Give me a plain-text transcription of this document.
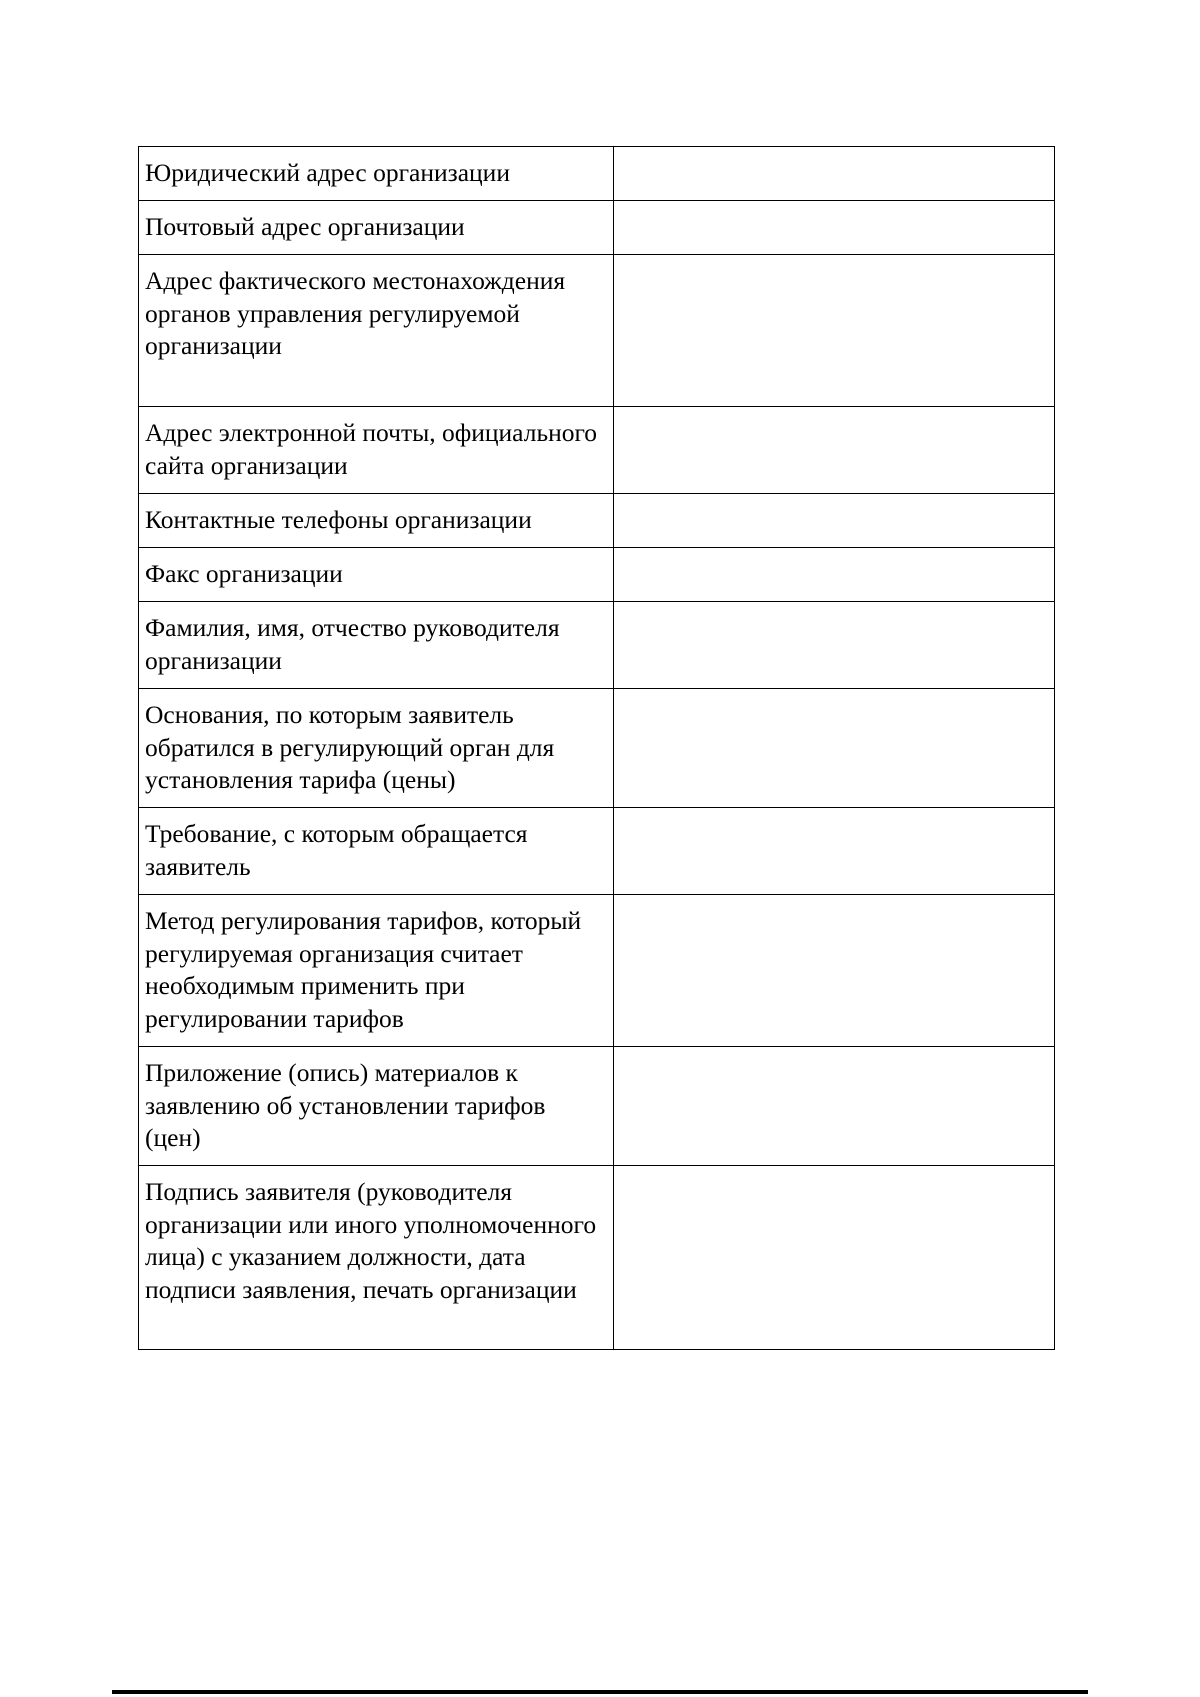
Юридический адрес организации	
Почтовый адрес организации	
Адрес фактического местонахождения органов управления регулируемой организации	
Адрес электронной почты, официального сайта организации	
Контактные телефоны организации	
Факс организации	
Фамилия, имя, отчество руководителя организации	
Основания, по которым заявитель обратился в регулирующий орган для установления тарифа (цены)	
Требование, с которым обращается заявитель	
Метод регулирования тарифов, который регулируемая организация считает необходимым применить при регулировании тарифов	
Приложение (опись) материалов к заявлению об установлении тарифов (цен)	
Подпись заявителя (руководителя организации или иного уполномоченного лица) с указанием должности, дата подписи заявления, печать организации	
